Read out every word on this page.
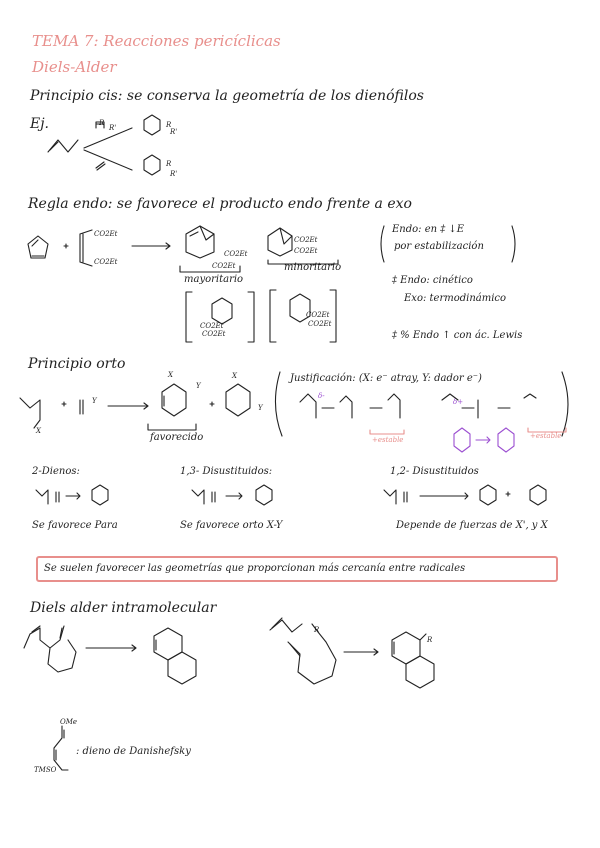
TEMA 7: Reacciones pericíclicas
Diels-Alder
Principio cis: se conserva la geometría de los dienófilos
Ej.	R
R'	R
R'
R
R'
Regla endo: se favorece el producto endo frente a exo
CO2Et
CO2Et
CO2Et
CO2Et
CO2Et
CO2Et
mayoritario
minoritario
Endo: en ‡ ↓E
por estabilización
‡ Endo: cinético
Exo: termodinámico
‡ % Endo ↑ con ác. Lewis
CO2Et
CO2Et
CO2Et
CO2Et
Principio orto
X
Y
X
Y
X
Y
favorecido
Justificación: (X: e⁻ atray, Y: dador e⁻)
δ-
δ+
+estable	+estable
2-Dienos:	1,3- Disustituidos:	1,2- Disustituidos
Se favorece Para	Se favorece orto X-Y	Depende de fuerzas de X', y X
Se suelen favorecer las geometrías que proporcionan más cercanía entre radicales
Diels alder intramolecular
R
R
OMe
TMSO
: dieno de Danishefsky
